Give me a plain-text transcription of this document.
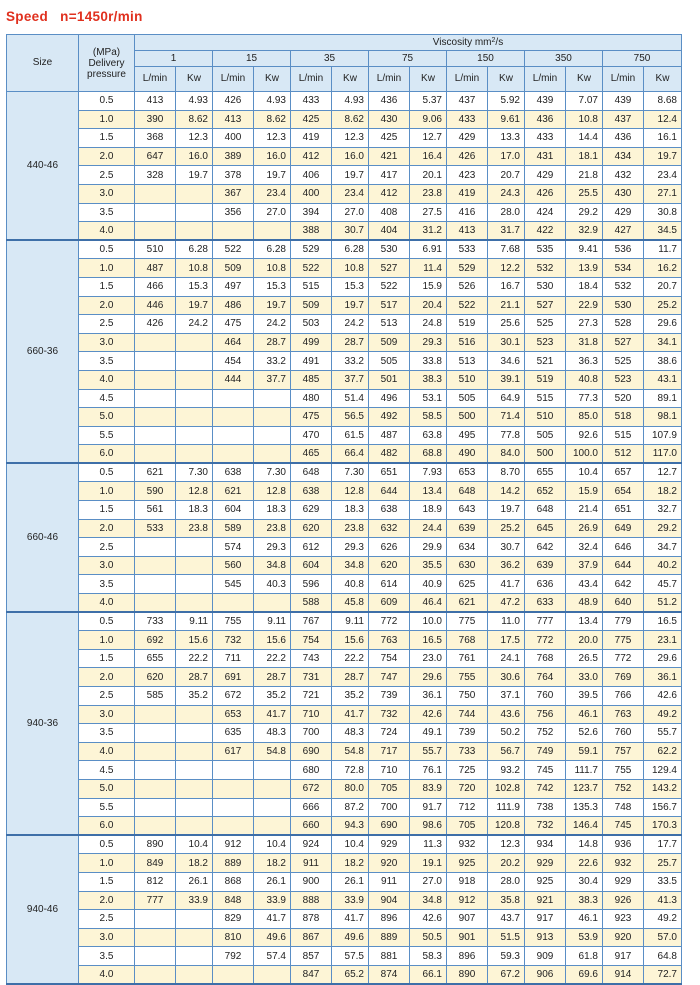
Speed   n=1450r/min
Size	(MPa)
Delivery
pressure	Viscosity $mm^2/s$													
		1		15		35		75		150		350		750	
		L/min	Kw	L/min	Kw	L/min	Kw	L/min	Kw	L/min	Kw	L/min	Kw	L/min	Kw
440-46	0.5	413	4.93	426	4.93	433	4.93	436	5.37	437	5.92	439	7.07	439	8.68
	1.0	390	8.62	413	8.62	425	8.62	430	9.06	433	9.61	436	10.8	437	12.4
	1.5	368	12.3	400	12.3	419	12.3	425	12.7	429	13.3	433	14.4	436	16.1
	2.0	647	16.0	389	16.0	412	16.0	421	16.4	426	17.0	431	18.1	434	19.7
	2.5	328	19.7	378	19.7	406	19.7	417	20.1	423	20.7	429	21.8	432	23.4
	3.0			367	23.4	400	23.4	412	23.8	419	24.3	426	25.5	430	27.1
	3.5			356	27.0	394	27.0	408	27.5	416	28.0	424	29.2	429	30.8
	4.0					388	30.7	404	31.2	413	31.7	422	32.9	427	34.5
660-36	0.5	510	6.28	522	6.28	529	6.28	530	6.91	533	7.68	535	9.41	536	11.7
	1.0	487	10.8	509	10.8	522	10.8	527	11.4	529	12.2	532	13.9	534	16.2
	1.5	466	15.3	497	15.3	515	15.3	522	15.9	526	16.7	530	18.4	532	20.7
	2.0	446	19.7	486	19.7	509	19.7	517	20.4	522	21.1	527	22.9	530	25.2
	2.5	426	24.2	475	24.2	503	24.2	513	24.8	519	25.6	525	27.3	528	29.6
	3.0			464	28.7	499	28.7	509	29.3	516	30.1	523	31.8	527	34.1
	3.5			454	33.2	491	33.2	505	33.8	513	34.6	521	36.3	525	38.6
	4.0			444	37.7	485	37.7	501	38.3	510	39.1	519	40.8	523	43.1
	4.5					480	51.4	496	53.1	505	64.9	515	77.3	520	89.1
	5.0					475	56.5	492	58.5	500	71.4	510	85.0	518	98.1
	5.5					470	61.5	487	63.8	495	77.8	505	92.6	515	107.9
	6.0					465	66.4	482	68.8	490	84.0	500	100.0	512	117.0
660-46	0.5	621	7.30	638	7.30	648	7.30	651	7.93	653	8.70	655	10.4	657	12.7
	1.0	590	12.8	621	12.8	638	12.8	644	13.4	648	14.2	652	15.9	654	18.2
	1.5	561	18.3	604	18.3	629	18.3	638	18.9	643	19.7	648	21.4	651	32.7
	2.0	533	23.8	589	23.8	620	23.8	632	24.4	639	25.2	645	26.9	649	29.2
	2.5			574	29.3	612	29.3	626	29.9	634	30.7	642	32.4	646	34.7
	3.0			560	34.8	604	34.8	620	35.5	630	36.2	639	37.9	644	40.2
	3.5			545	40.3	596	40.8	614	40.9	625	41.7	636	43.4	642	45.7
	4.0					588	45.8	609	46.4	621	47.2	633	48.9	640	51.2
940-36	0.5	733	9.11	755	9.11	767	9.11	772	10.0	775	11.0	777	13.4	779	16.5
	1.0	692	15.6	732	15.6	754	15.6	763	16.5	768	17.5	772	20.0	775	23.1
	1.5	655	22.2	711	22.2	743	22.2	754	23.0	761	24.1	768	26.5	772	29.6
	2.0	620	28.7	691	28.7	731	28.7	747	29.6	755	30.6	764	33.0	769	36.1
	2.5	585	35.2	672	35.2	721	35.2	739	36.1	750	37.1	760	39.5	766	42.6
	3.0			653	41.7	710	41.7	732	42.6	744	43.6	756	46.1	763	49.2
	3.5			635	48.3	700	48.3	724	49.1	739	50.2	752	52.6	760	55.7
	4.0			617	54.8	690	54.8	717	55.7	733	56.7	749	59.1	757	62.2
	4.5					680	72.8	710	76.1	725	93.2	745	111.7	755	129.4
	5.0					672	80.0	705	83.9	720	102.8	742	123.7	752	143.2
	5.5					666	87.2	700	91.7	712	111.9	738	135.3	748	156.7
	6.0					660	94.3	690	98.6	705	120.8	732	146.4	745	170.3
940-46	0.5	890	10.4	912	10.4	924	10.4	929	11.3	932	12.3	934	14.8	936	17.7
	1.0	849	18.2	889	18.2	911	18.2	920	19.1	925	20.2	929	22.6	932	25.7
	1.5	812	26.1	868	26.1	900	26.1	911	27.0	918	28.0	925	30.4	929	33.5
	2.0	777	33.9	848	33.9	888	33.9	904	34.8	912	35.8	921	38.3	926	41.3
	2.5			829	41.7	878	41.7	896	42.6	907	43.7	917	46.1	923	49.2
	3.0			810	49.6	867	49.6	889	50.5	901	51.5	913	53.9	920	57.0
	3.5			792	57.4	857	57.5	881	58.3	896	59.3	909	61.8	917	64.8
	4.0					847	65.2	874	66.1	890	67.2	906	69.6	914	72.7
